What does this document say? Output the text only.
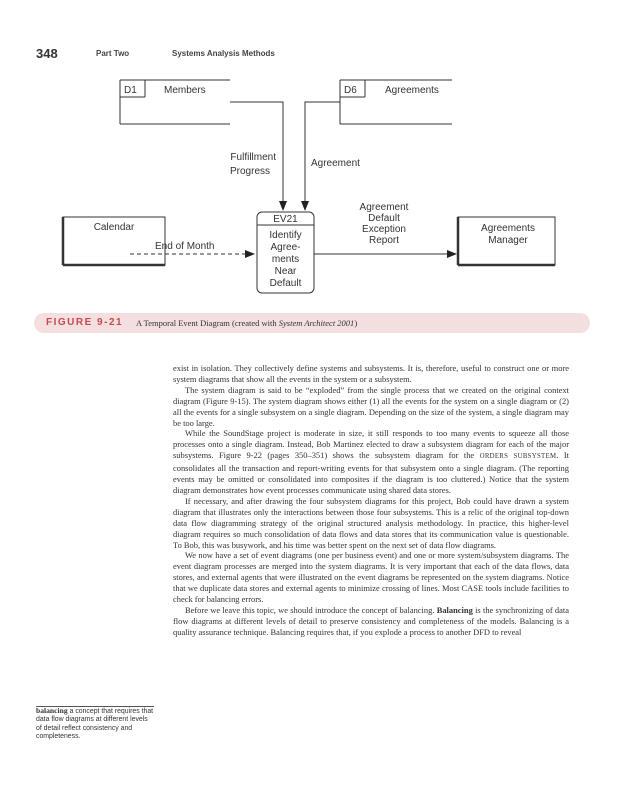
348	Part Two	Systems Analysis Methods
D1	Members	D6	Agreements
Fulfillment
Progress
Agreement
Calendar
End of Month
EV21
Identify
Agree-
ments
Near
Default
Agreement
Default
Exception
Report
Agreements
Manager
FIGURE 9-21 A Temporal Event Diagram (created with System Architect 2001)

exist in isolation. They collectively define systems and subsystems. It is, therefore, useful to construct one or more system diagrams that show all the events in the system or a subsystem.

The system diagram is said to be “exploded” from the single process that we created on the original context diagram (Figure 9-15). The system diagram shows either (1) all the events for the system on a single diagram or (2) all the events for a single subsystem on a single diagram. Depending on the size of the system, a single diagram may be too large.

While the SoundStage project is moderate in size, it still responds to too many events to squeeze all those processes onto a single diagram. Instead, Bob Martinez elected to draw a subsystem diagram for each of the major subsystems. Figure 9-22 (pages 350–351) shows the subsystem diagram for the ORDERS SUBSYSTEM. It consolidates all the transaction and report-writing events for that subsystem onto a single diagram. (The reporting events may be omitted or consolidated into composites if the diagram is too cluttered.) Notice that the system diagram demonstrates how event processes communicate using shared data stores.

If necessary, and after drawing the four subsystem diagrams for this project, Bob could have drawn a system diagram that illustrates only the interactions between those four subsystems. This is a relic of the original top-down data flow diagramming strategy of the original structured analysis methodology. In practice, this higher-level diagram requires so much consolidation of data flows and data stores that its communication value is questionable. To Bob, this was busywork, and his time was better spent on the next set of data flow diagrams.

We now have a set of event diagrams (one per business event) and one or more system/subsystem diagrams. The event diagram processes are merged into the system diagrams. It is very important that each of the data flows, data stores, and external agents that were illustrated on the event diagrams be represented on the system diagrams. Notice that we duplicate data stores and external agents to minimize crossing of lines. Most CASE tools include facilities to check for balancing errors.

Before we leave this topic, we should introduce the concept of balancing. Balancing is the synchronizing of data flow diagrams at different levels of detail to preserve consistency and completeness of the models. Balancing is a quality assurance technique. Balancing requires that, if you explode a process to another DFD to reveal

balancing a concept that requires that data flow diagrams at different levels of detail reflect consistency and completeness.
